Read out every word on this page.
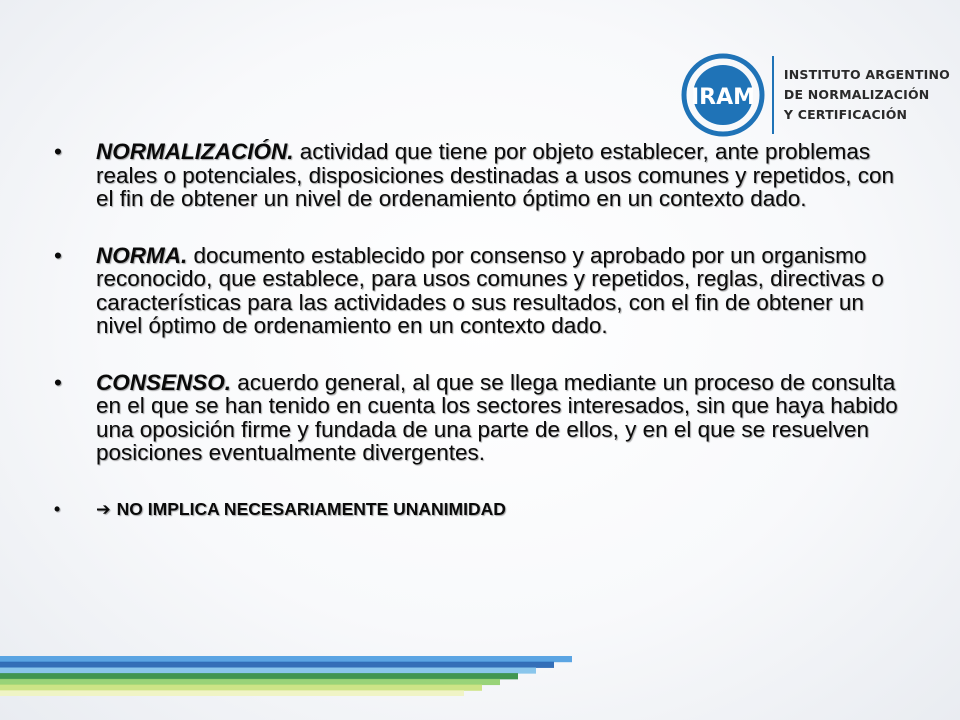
IRAM
INSTITUTO ARGENTINO
DE NORMALIZACIÓN
Y CERTIFICACIÓN
•	NORMALIZACIÓN. actividad que tiene por objeto establecer, ante problemas reales o potenciales, disposiciones destinadas a usos comunes y repetidos, con el fin de obtener un nivel de ordenamiento óptimo en un contexto dado.
•	NORMA. documento establecido por consenso y aprobado por un organismo reconocido, que establece, para usos comunes y repetidos, reglas, directivas o características para las actividades o sus resultados, con el fin de obtener un nivel óptimo de ordenamiento en un contexto dado.
•	CONSENSO. acuerdo general, al que se llega mediante un proceso de consulta en el que se han tenido en cuenta los sectores interesados, sin que haya habido una oposición firme y fundada de una parte de ellos, y en el que se resuelven posiciones eventualmente divergentes.
•	➔ NO IMPLICA NECESARIAMENTE UNANIMIDAD
